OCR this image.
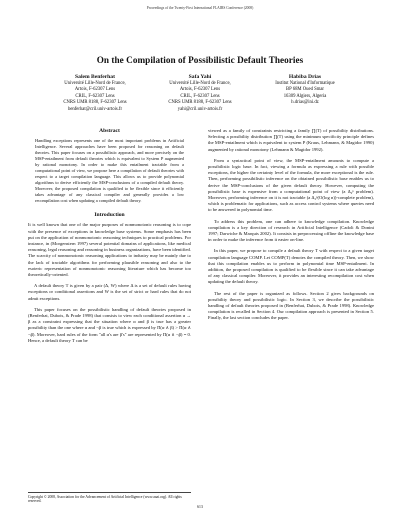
Proceedings of the Twenty-First International FLAIRS Conference (2008)
On the Compilation of Possibilistic Default Theories
Salem Benferhat
Université Lille-Nord de France,
Artois, F-62307 Lens
CRIL, F-62307 Lens
CNRS UMR 8188, F-62307 Lens
benferhat@cril.univ-artois.fr
Safa Yahi
Université Lille-Nord de France,
Artois, F-62307 Lens
CRIL, F-62307 Lens
CNRS UMR 8188, F-62307 Lens
yahi@cril.univ-artois.fr
Habiba Drias
Institut National d'Informatique
BP 68M Oued Smar
16309 Algiers, Algeria
h.drias@ini.dz
Abstract
Handling exceptions represents one of the most important problems in Artificial Intelligence. Several approaches have been proposed for reasoning on default theories. This paper focuses on a possibilistic approach, and more precisely on the MSP-entailment from default theories which is equivalent to System P augmented by rational monotony. In order to make this entailment tractable from a computational point of view, we propose here a compilation of default theories with respect to a target compilation language. This allows us to provide polynomial algorithms to derive efficiently the MSP-conclusions of a compiled default theory. Moreover, the proposed compilation is qualified to be flexible since it efficiently takes advantage of any classical compiler and generally provides a low recompilation cost when updating a compiled default theory.
Introduction

It is well known that one of the major purposes of nonmonotonic reasoning is to cope with the presence of exceptions in knowledge base systems. Some emphasis has been put on the application of nonmonotonic reasoning techniques to practical problems. For instance, in (Morgenstern 1997) several potential domains of applications, like medical reasoning, legal reasoning and reasoning in business organizations, have been identified. The scarcity of nonmonotonic reasoning applications to industry may be mainly due to the lack of tractable algorithms for performing plausible reasoning and also to the esoteric representation of nonmonotonic reasoning literature which has become too theoretically-oriented.

A default theory T is given by a pair (Δ, W) where Δ is a set of default rules having exceptions or conditional assertions and W is the set of strict or hard rules that do not admit exceptions.

This paper focuses on the possibilistic handling of default theories proposed in (Benferhat, Dubois, & Prade 1998) that consists to view each conditional assertion α → β as a constraint expressing that the situation where α and β is true has a greater possibility than the one where α and ¬β is true which is expressed by Π(α ∧ β) > Π(α ∧ ¬β). Moreover, hard rules of the form "all α's are β's" are represented by Π(α ∧ ¬β) = 0. Hence, a default theory T can be

Copyright © 2008, Association for the Advancement of Artificial Intelligence (www.aaai.org). All rights reserved.

viewed as a family of constraints restricting a family ∏(T) of possibility distributions. Selecting a possibility distribution ∏(T) using the minimum specificity principle defines the MSP-entailment which is equivalent to system P (Kraus, Lehmann, & Magidor 1990) augmented by rational monotony (Lehmann & Magidor 1992).

From a syntactical point of view, the MSP-entailment amounts to compute a possibilistic logic base. In fact, viewing a formula as expressing a rule with possible exceptions, the higher the certainty level of the formula, the more exceptional is the rule. Then, performing possibilistic inference on the obtained possibilistic base enables us to derive the MSP-conclusions of the given default theory. However, computing the possibilistic base is expensive from a computational point of view (a Δ₂ᵖ problem). Moreover, performing inference on it is not tractable (a Δ₂ᵖ(O(log n))-complete problem), which is problematic for applications, such as access control systems where queries need to be answered in polynomial time.

To address this problem, one can adhere to knowledge compilation. Knowledge compilation is a key direction of research in Artificial Intelligence (Cadoli & Donini 1997; Darwiche & Marquis 2002). It consists in preprocessing offline the knowledge base in order to make the inference from it easier on-line.

In this paper, we propose to compile a default theory T with respect to a given target compilation language COMP. Let COMP(T) denotes the compiled theory. Then, we show that this compilation enables us to perform in polynomial time MSP-entailment. In addition, the proposed compilation is qualified to be flexible since it can take advantage of any classical compiler. Moreover, it provides an interesting recompilation cost when updating the default theory.

The rest of the paper is organized as follows. Section 2 gives backgrounds on possibility theory and possibilistic logic. In Section 3, we describe the possibilistic handling of default theories proposed in (Benferhat, Dubois, & Prade 1998). Knowledge compilation is recalled in Section 4. Our compilation approach is presented in Section 5. Finally, the last section concludes the paper.

613
